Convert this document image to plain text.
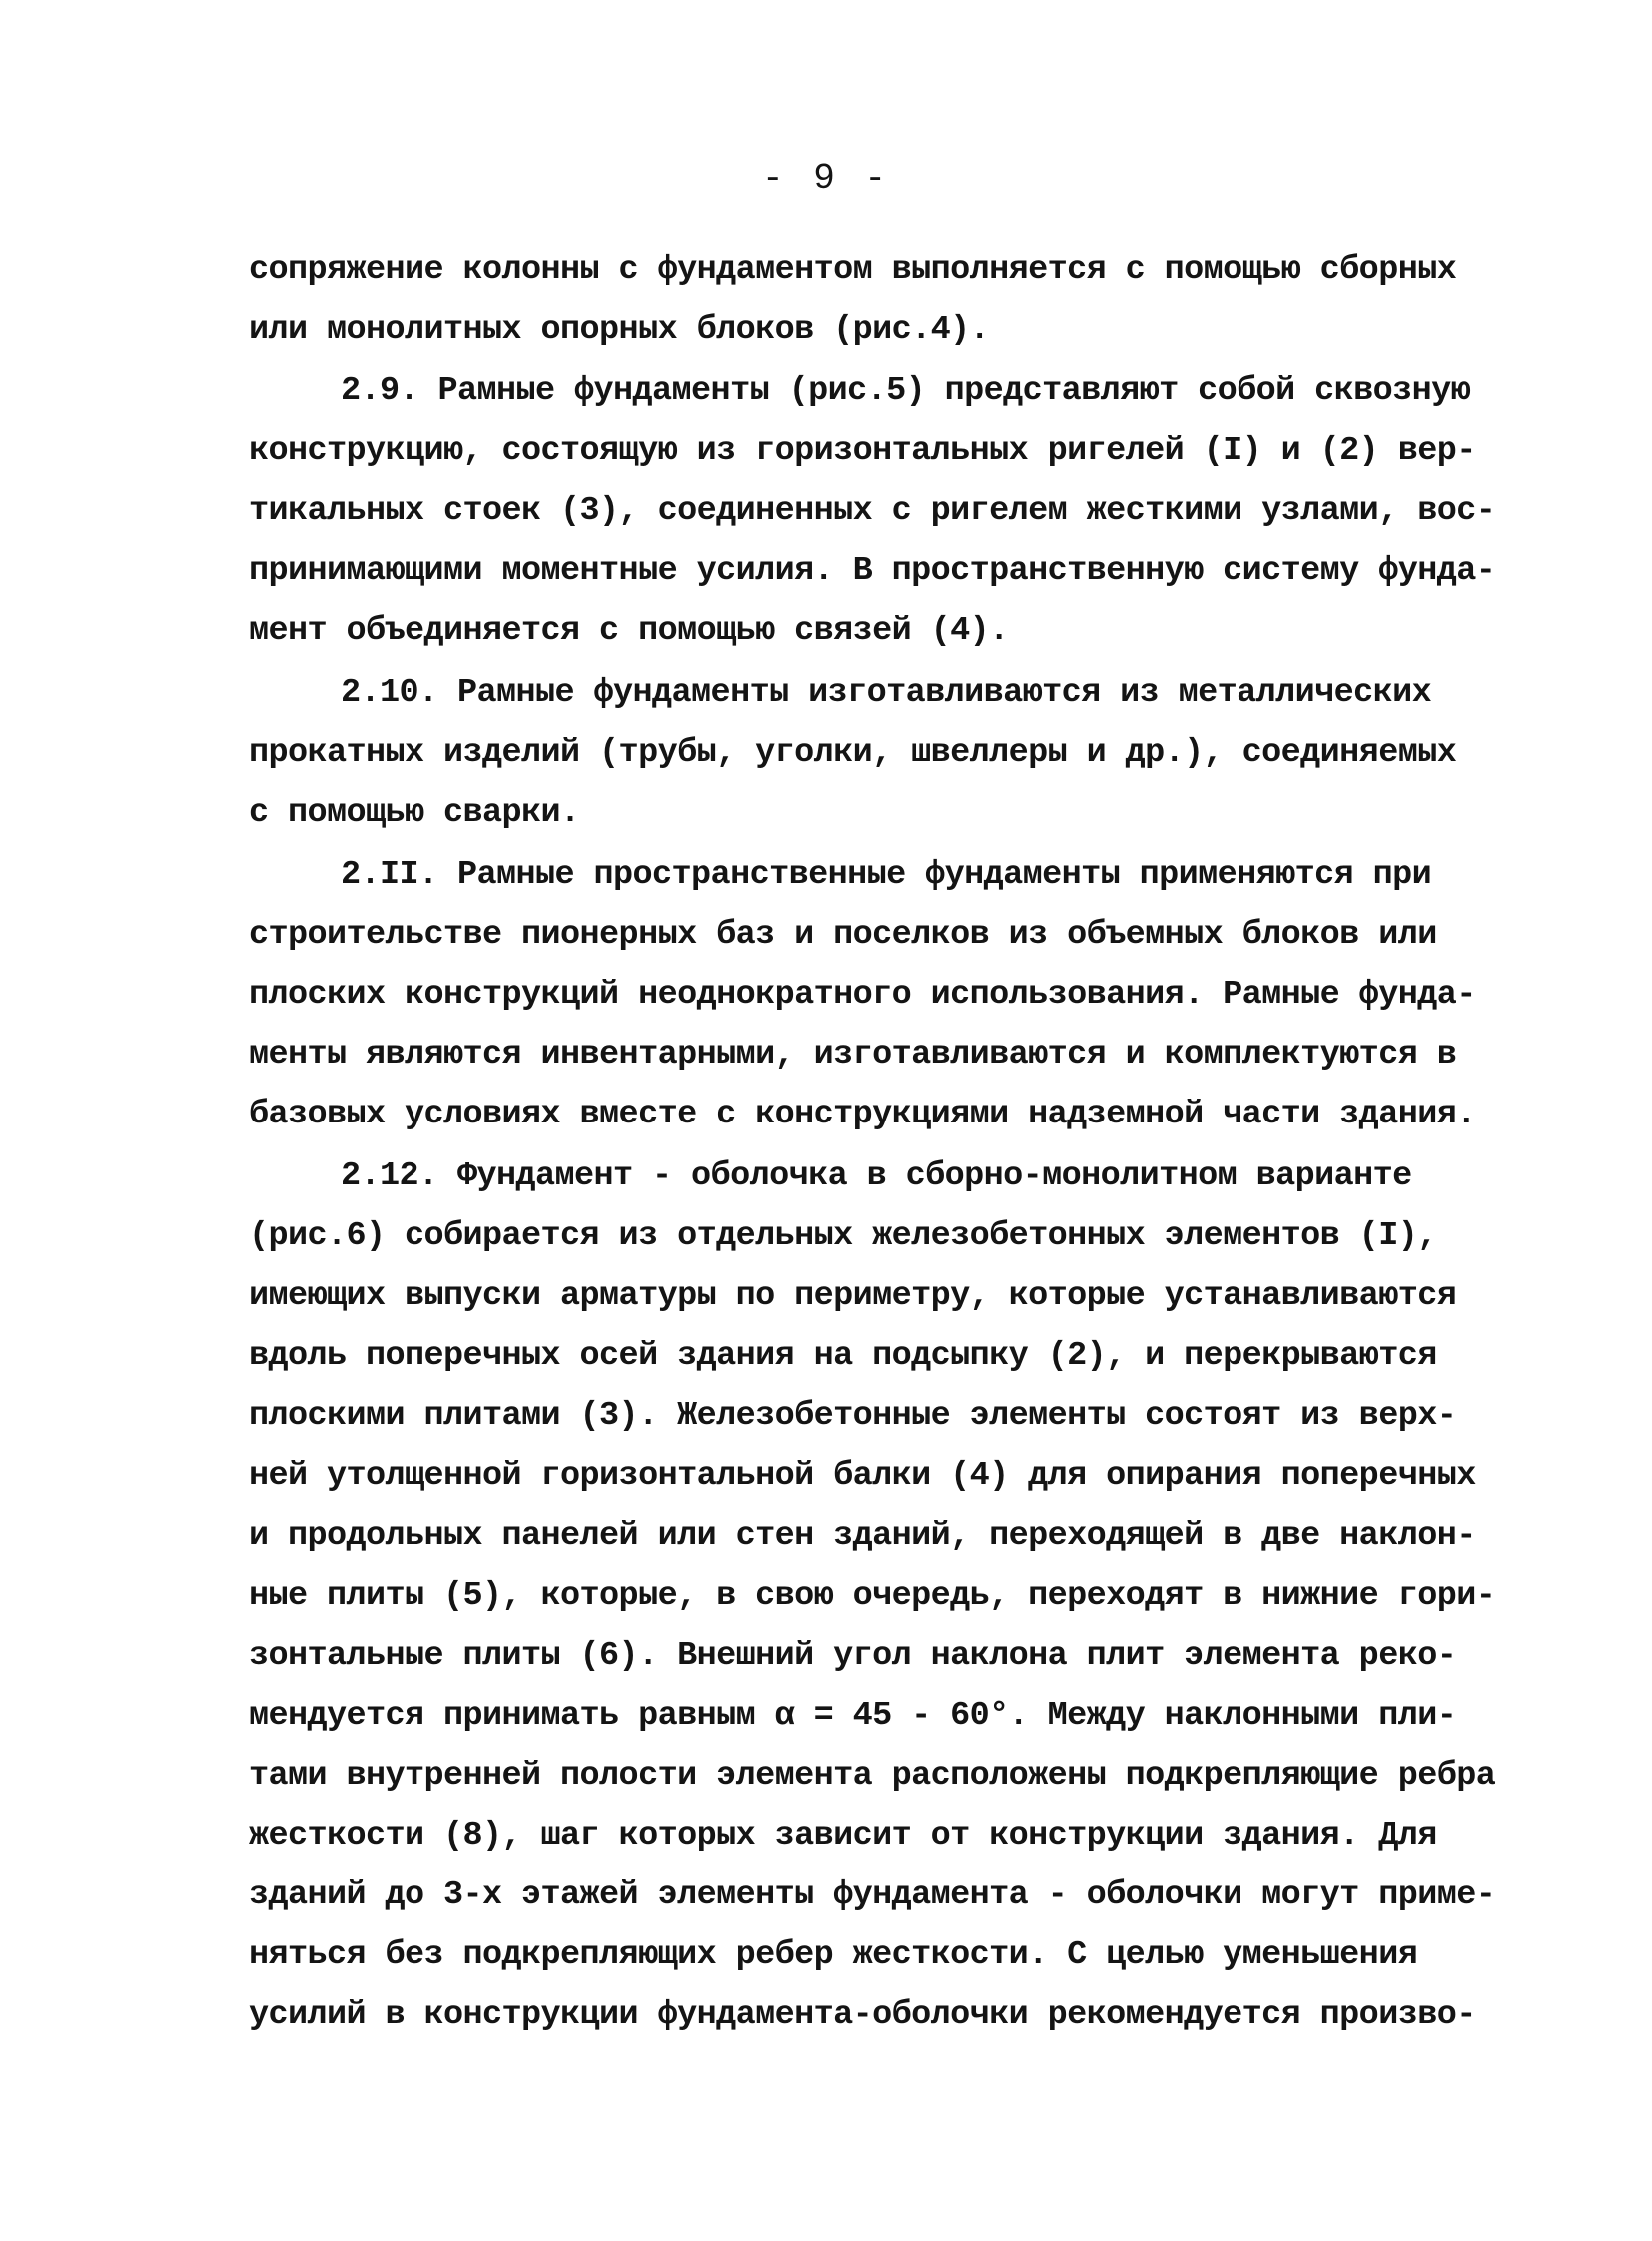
- 9 -
сопряжение колонны с фундаментом выполняется с помощью сборных
или монолитных опорных блоков (рис.4).
2.9. Рамные фундаменты (рис.5) представляют собой сквозную
конструкцию, состоящую из горизонтальных ригелей (I) и (2) вер-
тикальных стоек (3), соединенных с ригелем жесткими узлами, вос-
принимающими моментные усилия. В пространственную систему фунда-
мент объединяется с помощью связей (4).
2.10. Рамные фундаменты изготавливаются из металлических
прокатных изделий (трубы, уголки, швеллеры и др.), соединяемых
с помощью сварки.
2.II. Рамные пространственные фундаменты применяются при
строительстве пионерных баз и поселков из объемных блоков или
плоских конструкций неоднократного использования. Рамные фунда-
менты являются инвентарными, изготавливаются и комплектуются в
базовых условиях вместе с конструкциями надземной части здания.
2.12. Фундамент - оболочка в сборно-монолитном варианте
(рис.6) собирается из отдельных железобетонных элементов (I),
имеющих выпуски арматуры по периметру, которые устанавливаются
вдоль поперечных осей здания на подсыпку (2), и перекрываются
плоскими плитами (3). Железобетонные элементы состоят из верх-
ней утолщенной горизонтальной балки (4) для опирания поперечных
и продольных панелей или стен зданий, переходящей в две наклон-
ные плиты (5), которые, в свою очередь, переходят в нижние гори-
зонтальные плиты (6). Внешний угол наклона плит элемента реко-
мендуется принимать равным α = 45 - 60°. Между наклонными пли-
тами внутренней полости элемента расположены подкрепляющие ребра
жесткости (8), шаг которых зависит от конструкции здания. Для
зданий до 3-х этажей элементы фундамента - оболочки могут приме-
няться без подкрепляющих ребер жесткости. С целью уменьшения
усилий в конструкции фундамента-оболочки рекомендуется произво-
